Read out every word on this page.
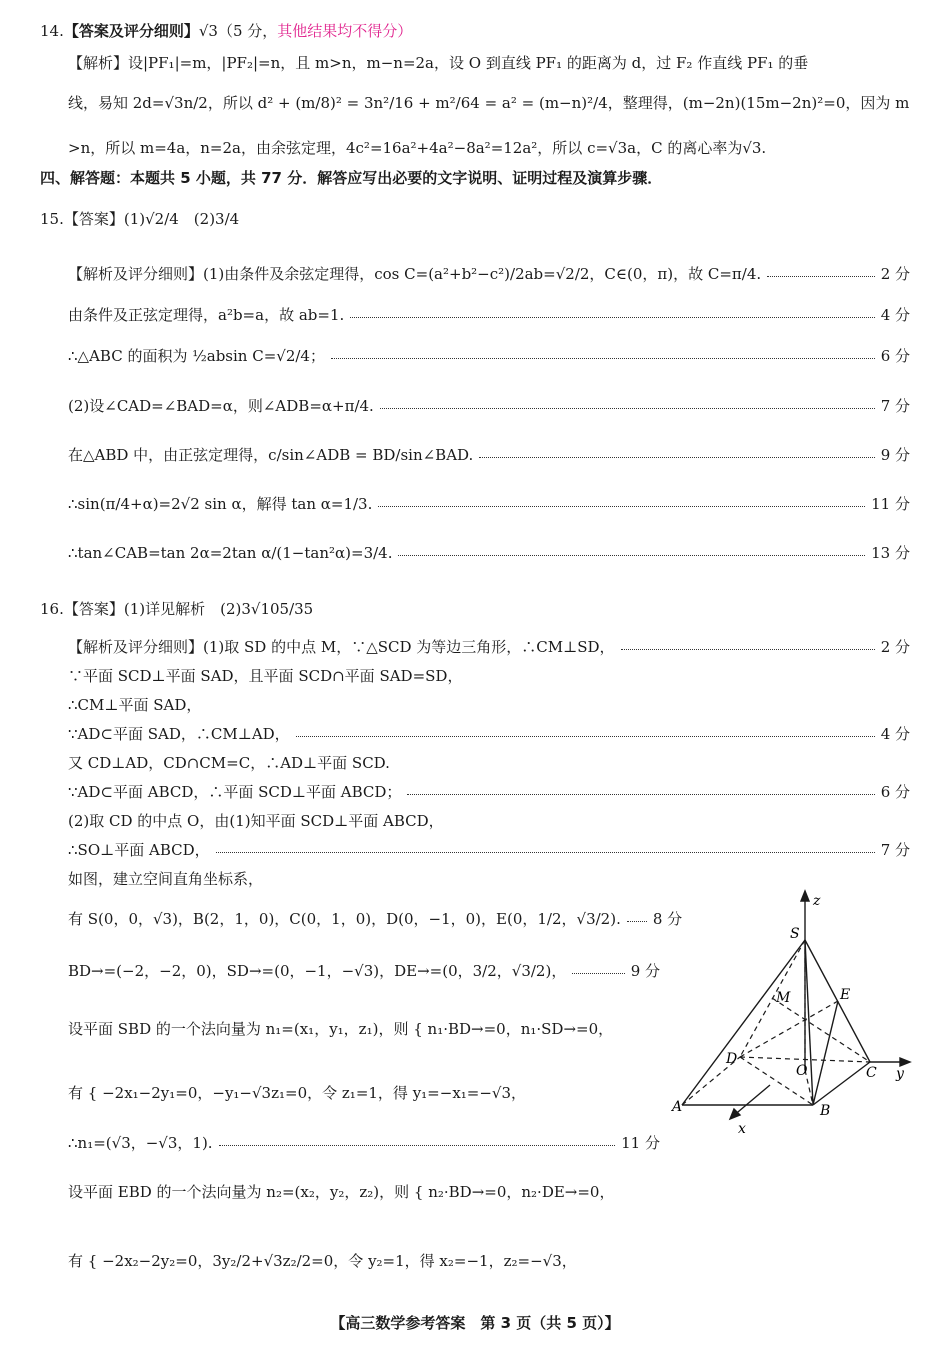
14. 【答案及评分细则】 √3（5 分， 其他结果均不得分）
【解析】设|PF₁|=m，|PF₂|=n，且 m>n，m−n=2a，设 O 到直线 PF₁ 的距离为 d，过 F₂ 作直线 PF₁ 的垂
线，易知 2d=√3n/2，所以 d² + (m/8)² = 3n²/16 + m²/64 = a² = (m−n)²/4，整理得，(m−2n)(15m−2n)²=0，因为 m
>n，所以 m=4a，n=2a，由余弦定理，4c²=16a²+4a²−8a²=12a²，所以 c=√3a，C 的离心率为√3.
四、解答题：本题共 5 小题，共 77 分．解答应写出必要的文字说明、证明过程及演算步骤．
15.【答案】(1)√2/4　(2)3/4
【解析及评分细则】(1)由条件及余弦定理得，cos C=(a²+b²−c²)/2ab=√2/2，C∈(0，π)，故 C=π/4.	2 分
由条件及正弦定理得，a²b=a，故 ab=1.	4 分
∴△ABC 的面积为 ½absin C=√2/4；	6 分
(2)设∠CAD=∠BAD=α，则∠ADB=α+π/4.	7 分
在△ABD 中，由正弦定理得，c/sin∠ADB = BD/sin∠BAD.	9 分
∴sin(π/4+α)=2√2 sin α，解得 tan α=1/3.	11 分
∴tan∠CAB=tan 2α=2tan α/(1−tan²α)=3/4.	13 分
16.【答案】(1)详见解析　(2)3√105/35
【解析及评分细则】(1)取 SD 的中点 M，∵△SCD 为等边三角形，∴CM⊥SD，	2 分
∵平面 SCD⊥平面 SAD，且平面 SCD∩平面 SAD=SD，
∴CM⊥平面 SAD，
∵AD⊂平面 SAD，∴CM⊥AD，	4 分
又 CD⊥AD，CD∩CM=C，∴AD⊥平面 SCD.
∵AD⊂平面 ABCD，∴平面 SCD⊥平面 ABCD；	6 分
(2)取 CD 的中点 O，由(1)知平面 SCD⊥平面 ABCD，
∴SO⊥平面 ABCD，	7 分
如图，建立空间直角坐标系，
有 S(0，0，√3)，B(2，1，0)，C(0，1，0)，D(0，−1，0)，E(0，1/2，√3/2). 8 分
BD→=(−2，−2，0)，SD→=(0，−1，−√3)，DE→=(0，3/2，√3/2)，	9 分
设平面 SBD 的一个法向量为 n₁=(x₁，y₁，z₁)，则 { n₁·BD→=0，n₁·SD→=0，
有 { −2x₁−2y₁=0，−y₁−√3z₁=0，令 z₁=1，得 y₁=−x₁=−√3，
∴n₁=(√3，−√3，1).	11 分
设平面 EBD 的一个法向量为 n₂=(x₂，y₂，z₂)，则 { n₂·BD→=0，n₂·DE→=0，
有 { −2x₂−2y₂=0，3y₂/2+√3z₂/2=0，令 y₂=1，得 x₂=−1，z₂=−√3，
z
S
M	E
D
O	C y
A	B
x
【高三数学参考答案　第 3 页（共 5 页）】
